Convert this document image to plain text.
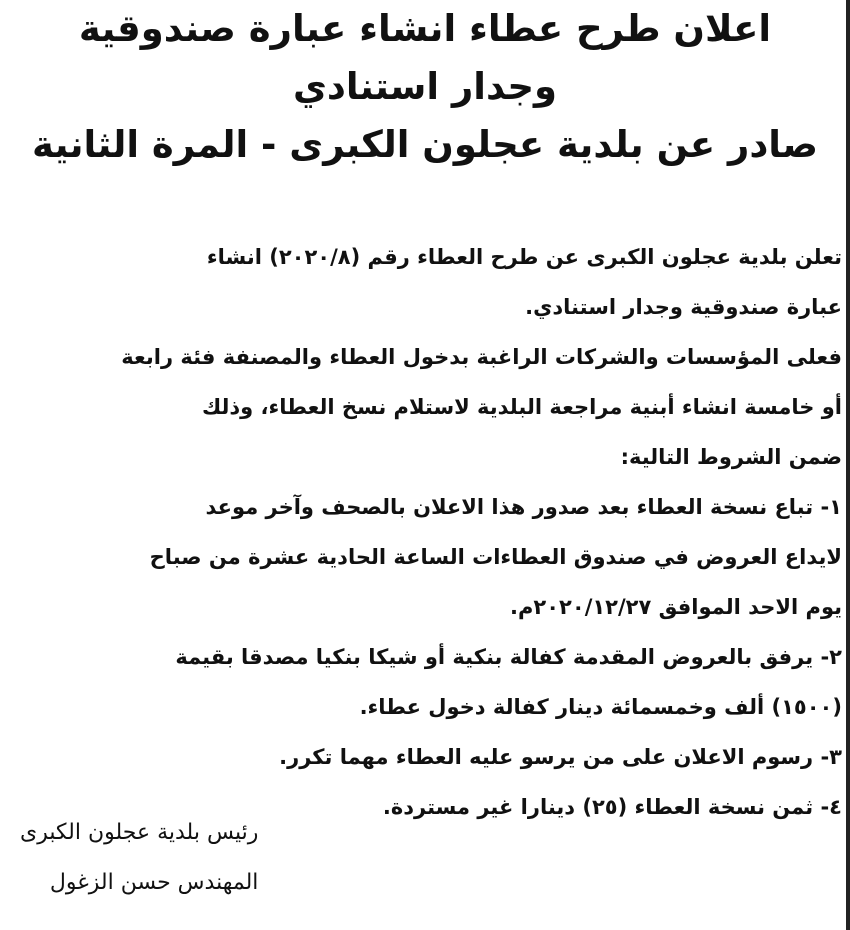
اعلان طرح عطاء انشاء عبارة صندوقية
وجدار استنادي
صادر عن بلدية عجلون الكبرى - المرة الثانية
تعلن بلدية عجلون الكبرى عن طرح العطاء رقم (٢٠٢٠/٨) انشاء
عبارة صندوقية وجدار استنادي.
فعلى المؤسسات والشركات الراغبة بدخول العطاء والمصنفة فئة رابعة
أو خامسة انشاء أبنية مراجعة البلدية لاستلام نسخ العطاء، وذلك
ضمن الشروط التالية:
١- تباع نسخة العطاء بعد صدور هذا الاعلان بالصحف وآخر موعد
لايداع العروض في صندوق العطاءات الساعة الحادية عشرة من صباح
يوم الاحد الموافق ٢٠٢٠/١٢/٢٧م.
٢- يرفق بالعروض المقدمة كفالة بنكية أو شيكا بنكيا مصدقا بقيمة
(١٥٠٠) ألف وخمسمائة دينار كفالة دخول عطاء.
٣- رسوم الاعلان على من يرسو عليه العطاء مهما تكرر.
٤- ثمن نسخة العطاء (٢٥) دينارا غير مستردة.
رئيس بلدية عجلون الكبرى
المهندس حسن الزغول
